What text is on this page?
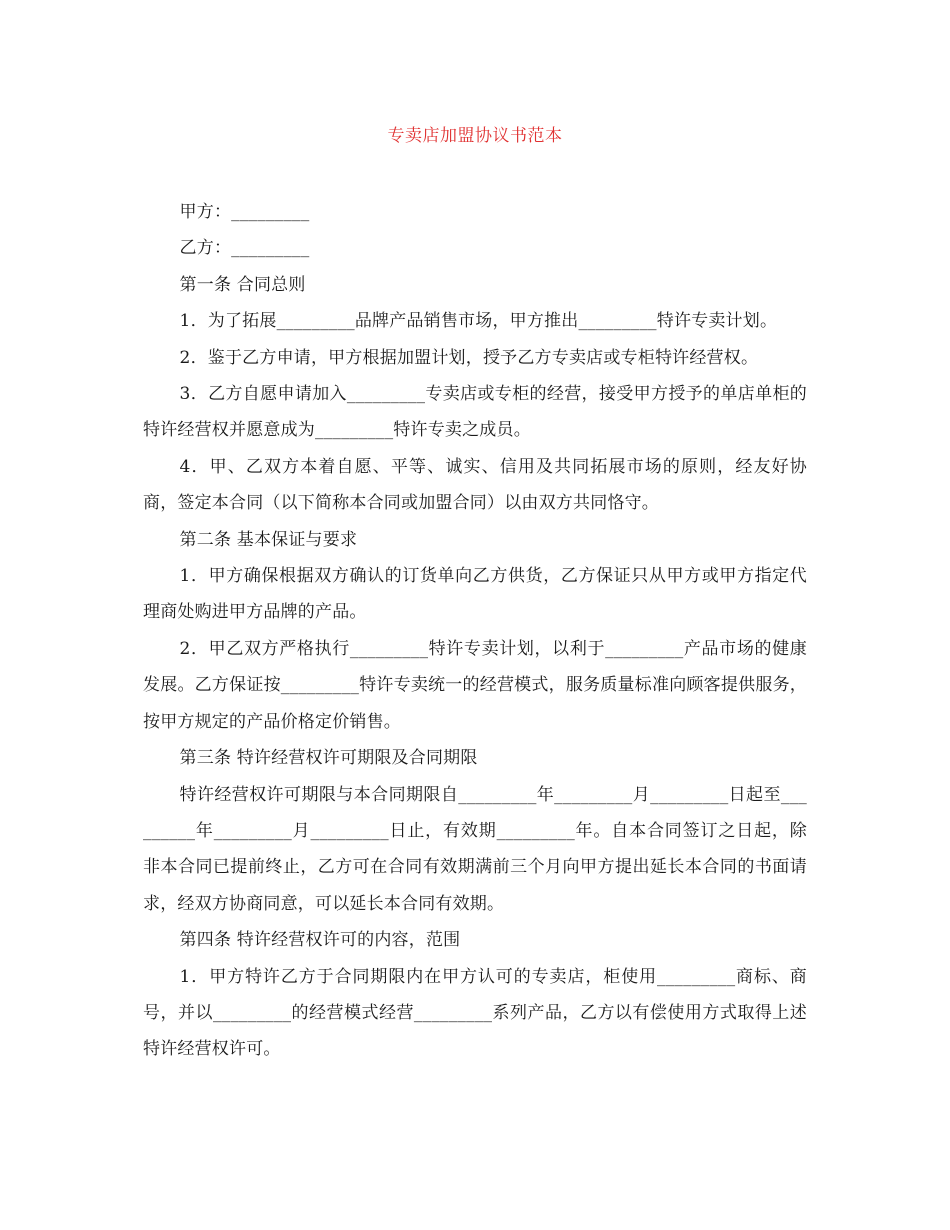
专卖店加盟协议书范本

甲方：_________

乙方：_________

第一条 合同总则

1．为了拓展_________品牌产品销售市场，甲方推出_________特许专卖计划。

2．鉴于乙方申请，甲方根据加盟计划，授予乙方专卖店或专柜特许经营权。

3．乙方自愿申请加入_________专卖店或专柜的经营，接受甲方授予的单店单柜的特许经营权并愿意成为_________特许专卖之成员。

4．甲、乙双方本着自愿、平等、诚实、信用及共同拓展市场的原则，经友好协商，签定本合同（以下简称本合同或加盟合同）以由双方共同恪守。

第二条 基本保证与要求

1．甲方确保根据双方确认的订货单向乙方供货，乙方保证只从甲方或甲方指定代理商处购进甲方品牌的产品。

2．甲乙双方严格执行_________特许专卖计划，以利于_________产品市场的健康发展。乙方保证按_________特许专卖统一的经营模式，服务质量标准向顾客提供服务，按甲方规定的产品价格定价销售。

第三条 特许经营权许可期限及合同期限

特许经营权许可期限与本合同期限自_________年_________月_________日起至_________年_________月_________日止，有效期_________年。自本合同签订之日起，除非本合同已提前终止，乙方可在合同有效期满前三个月向甲方提出延长本合同的书面请求，经双方协商同意，可以延长本合同有效期。

第四条 特许经营权许可的内容，范围

1．甲方特许乙方于合同期限内在甲方认可的专卖店，柜使用_________商标、商号，并以_________的经营模式经营_________系列产品，乙方以有偿使用方式取得上述特许经营权许可。
